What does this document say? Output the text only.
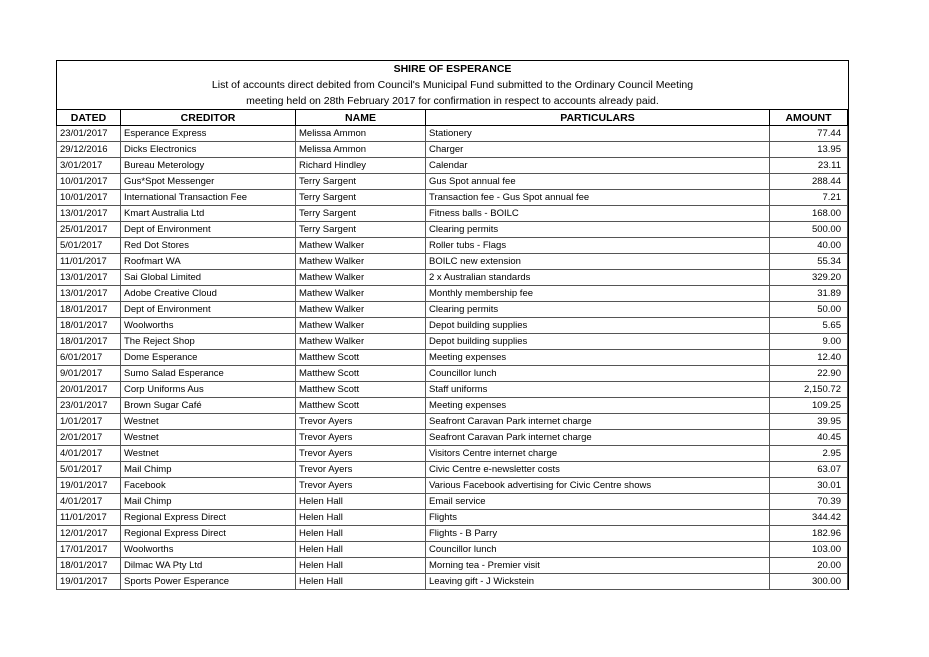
SHIRE OF ESPERANCE
List of accounts direct debited from Council's Municipal Fund submitted to the Ordinary Council Meeting
meeting held on 28th February 2017 for confirmation in respect to accounts already paid.
DATED	CREDITOR	NAME	PARTICULARS	AMOUNT
23/01/2017	Esperance Express	Melissa Ammon	Stationery	77.44
29/12/2016	Dicks Electronics	Melissa Ammon	Charger	13.95
3/01/2017	Bureau Meterology	Richard Hindley	Calendar	23.11
10/01/2017	Gus*Spot Messenger	Terry Sargent	Gus Spot annual fee	288.44
10/01/2017	International Transaction Fee	Terry Sargent	Transaction fee - Gus Spot annual fee	7.21
13/01/2017	Kmart Australia Ltd	Terry Sargent	Fitness balls - BOILC	168.00
25/01/2017	Dept of Environment	Terry Sargent	Clearing permits	500.00
5/01/2017	Red Dot Stores	Mathew Walker	Roller tubs - Flags	40.00
11/01/2017	Roofmart WA	Mathew Walker	BOILC new extension	55.34
13/01/2017	Sai Global Limited	Mathew Walker	2 x Australian standards	329.20
13/01/2017	Adobe Creative Cloud	Mathew Walker	Monthly membership fee	31.89
18/01/2017	Dept of Environment	Mathew Walker	Clearing permits	50.00
18/01/2017	Woolworths	Mathew Walker	Depot building supplies	5.65
18/01/2017	The Reject Shop	Mathew Walker	Depot building supplies	9.00
6/01/2017	Dome Esperance	Matthew Scott	Meeting expenses	12.40
9/01/2017	Sumo Salad Esperance	Matthew Scott	Councillor lunch	22.90
20/01/2017	Corp Uniforms Aus	Matthew Scott	Staff uniforms	2,150.72
23/01/2017	Brown Sugar Café	Matthew Scott	Meeting expenses	109.25
1/01/2017	Westnet	Trevor Ayers	Seafront Caravan Park internet charge	39.95
2/01/2017	Westnet	Trevor Ayers	Seafront Caravan Park internet charge	40.45
4/01/2017	Westnet	Trevor Ayers	Visitors Centre internet charge	2.95
5/01/2017	Mail Chimp	Trevor Ayers	Civic Centre e-newsletter costs	63.07
19/01/2017	Facebook	Trevor Ayers	Various Facebook advertising for Civic Centre shows	30.01
4/01/2017	Mail Chimp	Helen Hall	Email service	70.39
11/01/2017	Regional Express Direct	Helen Hall	Flights	344.42
12/01/2017	Regional Express Direct	Helen Hall	Flights - B Parry	182.96
17/01/2017	Woolworths	Helen Hall	Councillor lunch	103.00
18/01/2017	Dilmac WA Pty Ltd	Helen Hall	Morning tea - Premier visit	20.00
19/01/2017	Sports Power Esperance	Helen Hall	Leaving gift - J Wickstein	300.00
